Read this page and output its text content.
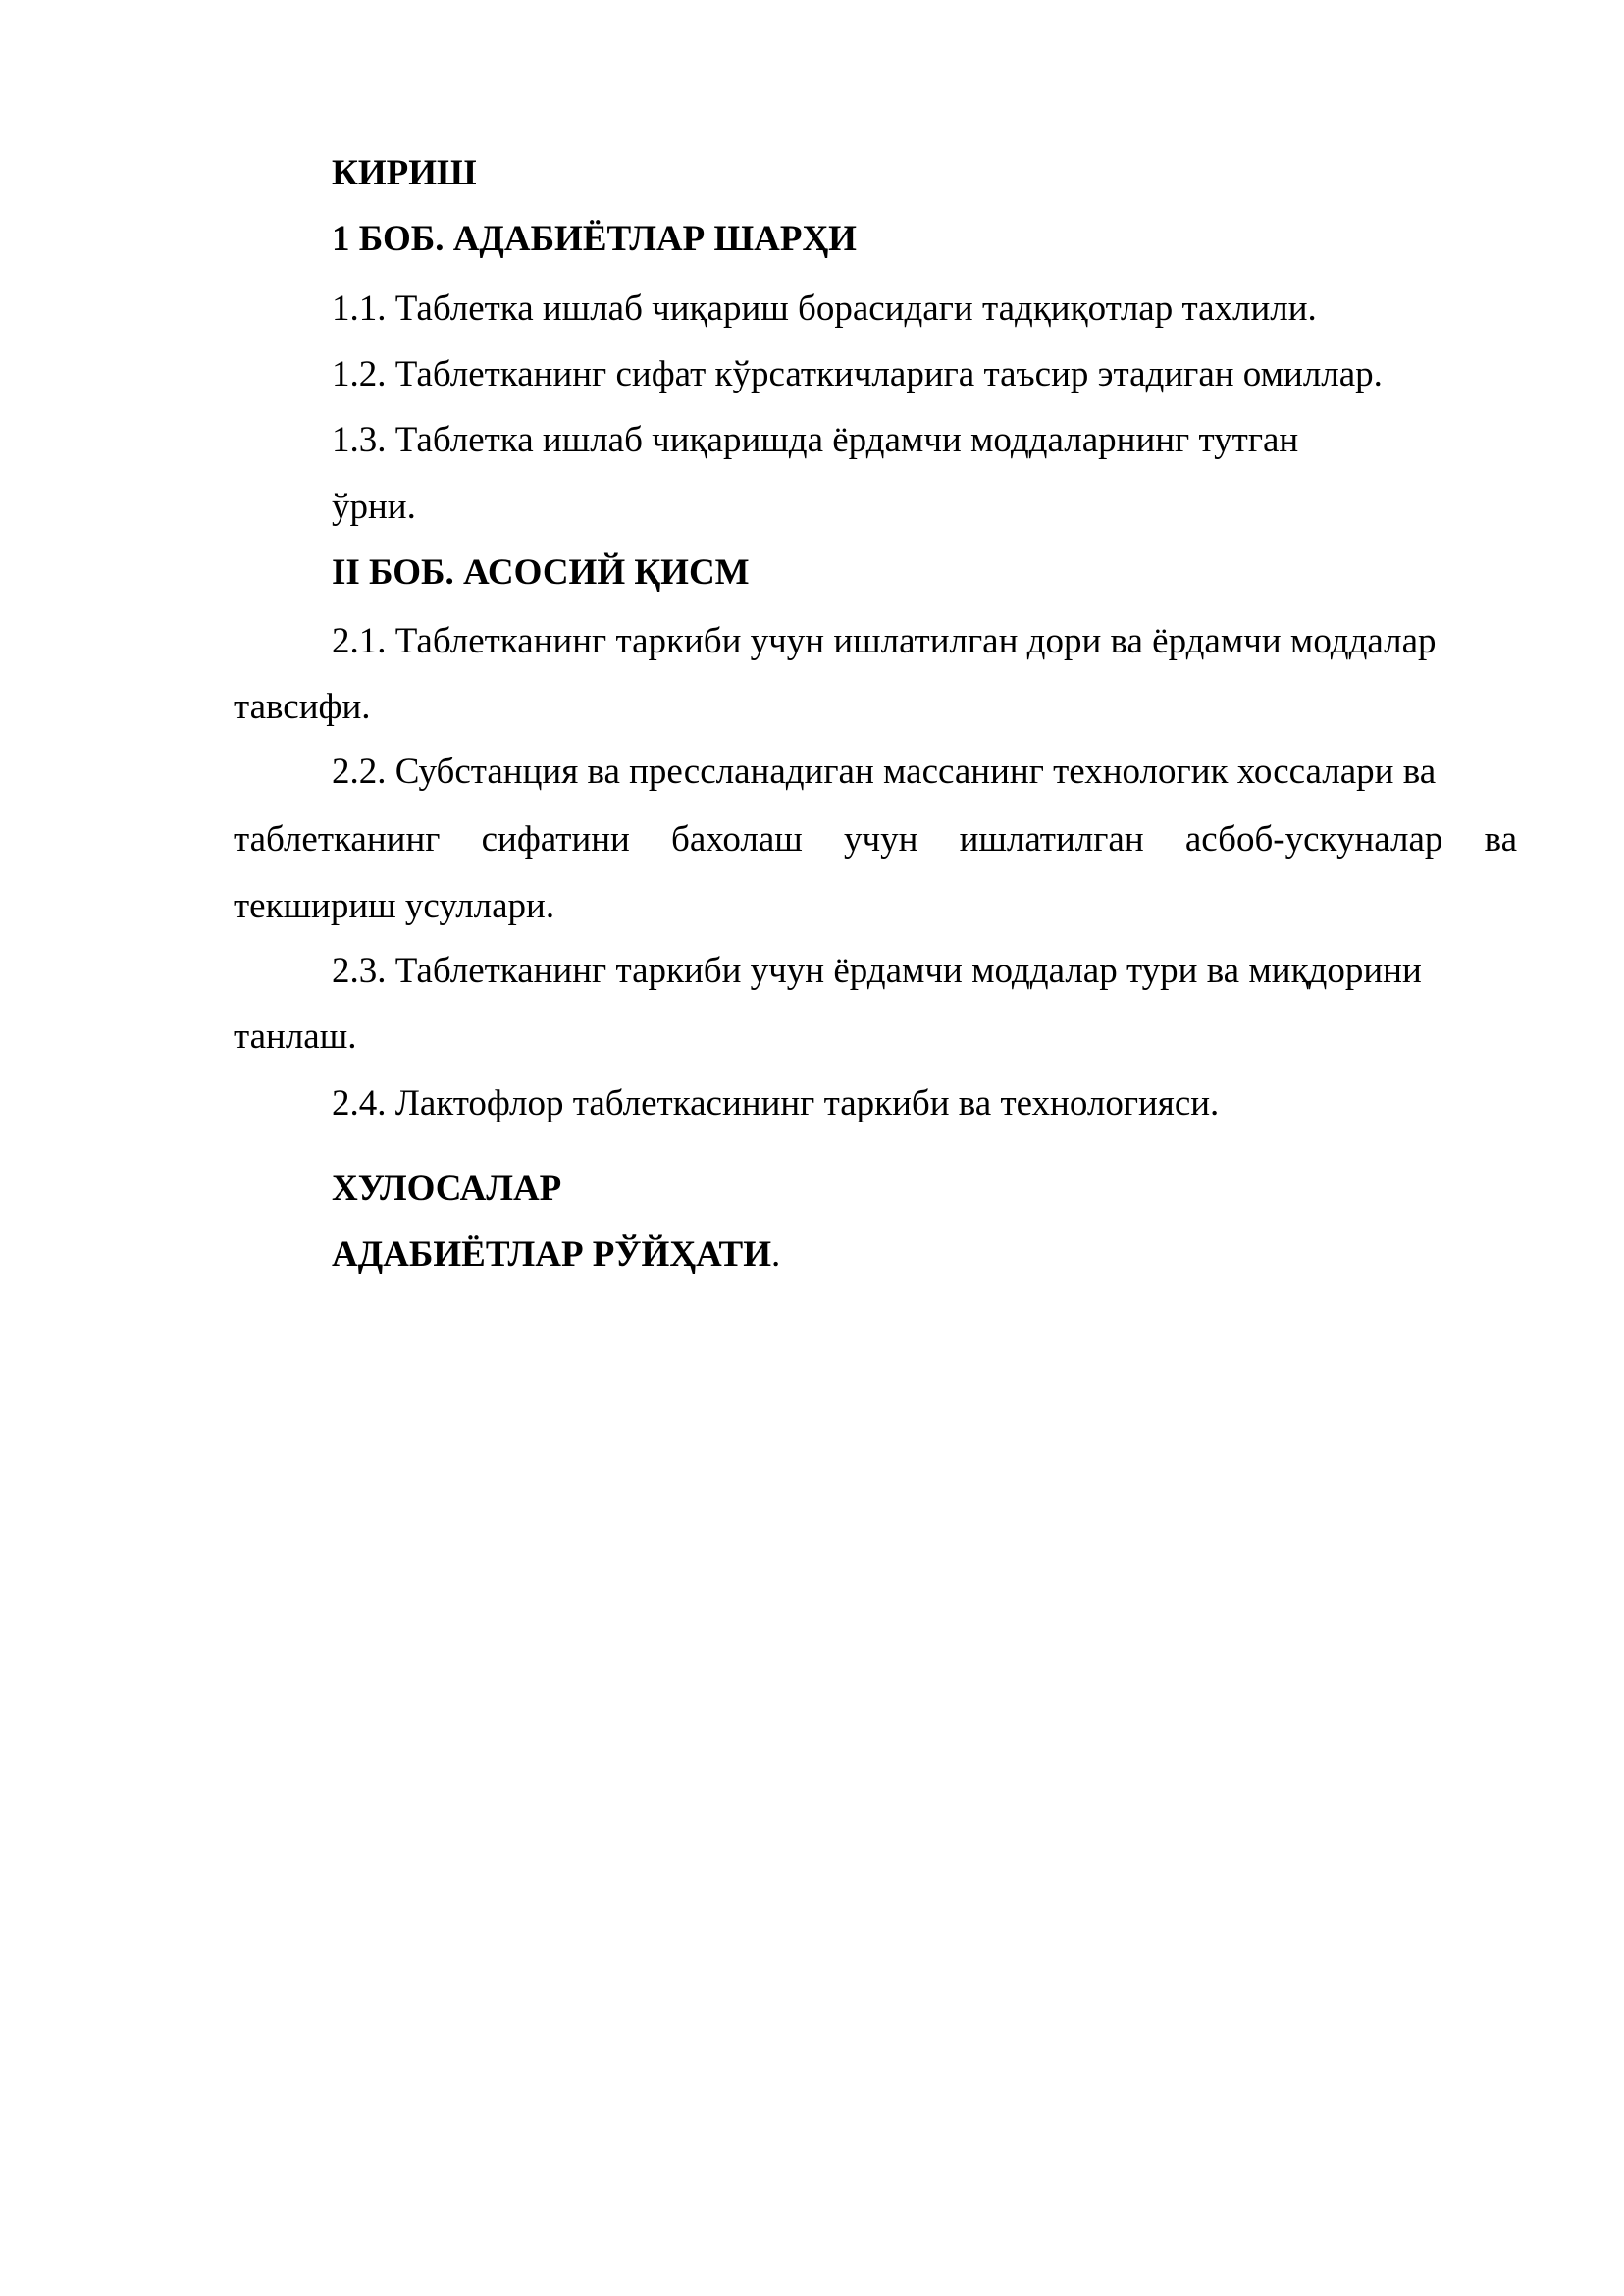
КИРИШ
1 БОБ. АДАБИЁТЛАР ШАРҲИ
1.1. Таблетка ишлаб чиқариш борасидаги тадқиқотлар тахлили.
1.2. Таблетканинг сифат кўрсаткичларига таъсир этадиган омиллар.
1.3. Таблетка ишлаб чиқаришда ёрдамчи моддаларнинг тутган
ўрни.
II БОБ. АСОСИЙ ҚИСМ
2.1. Таблетканинг таркиби учун ишлатилган дори ва ёрдамчи моддалар
тавсифи.
2.2. Субстанция ва прессланадиган массанинг технологик хоссалари ва
таблетканинг сифатини бахолаш учун ишлатилган асбоб-ускуналар ва
текшириш усуллари.
2.3. Таблетканинг таркиби учун ёрдамчи моддалар тури ва миқдорини
танлаш.
2.4. Лактофлор таблеткасининг таркиби ва технологияси.
ХУЛОСАЛАР
АДАБИЁТЛАР РЎЙҲАТИ.
